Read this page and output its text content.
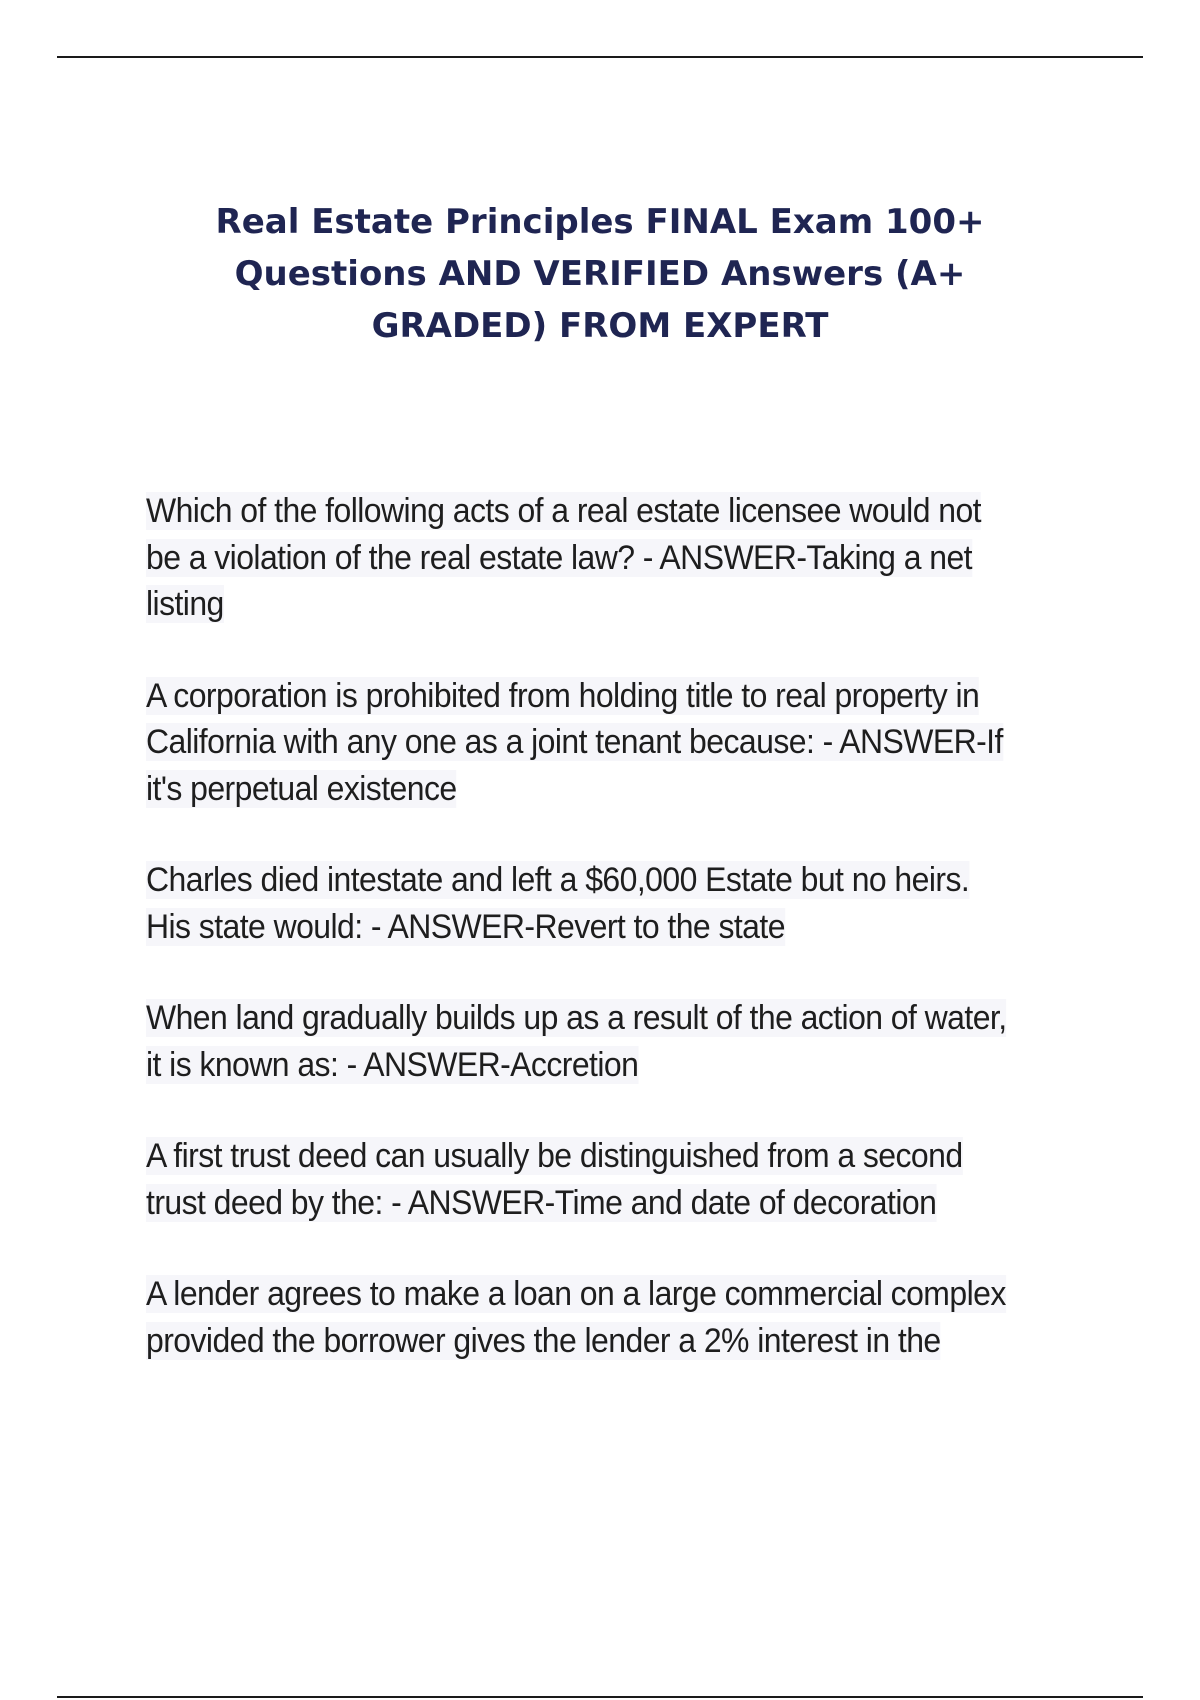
Real Estate Principles FINAL Exam 100+
Questions AND VERIFIED Answers (A+
GRADED) FROM EXPERT

Which of the following acts of a real estate licensee would not
be a violation of the real estate law? - ANSWER-Taking a net
listing

A corporation is prohibited from holding title to real property in
California with any one as a joint tenant because: - ANSWER-If
it's perpetual existence

Charles died intestate and left a $60,000 Estate but no heirs.
His state would: - ANSWER-Revert to the state

When land gradually builds up as a result of the action of water,
it is known as: - ANSWER-Accretion

A first trust deed can usually be distinguished from a second
trust deed by the: - ANSWER-Time and date of decoration

A lender agrees to make a loan on a large commercial complex
provided the borrower gives the lender a 2% interest in the
